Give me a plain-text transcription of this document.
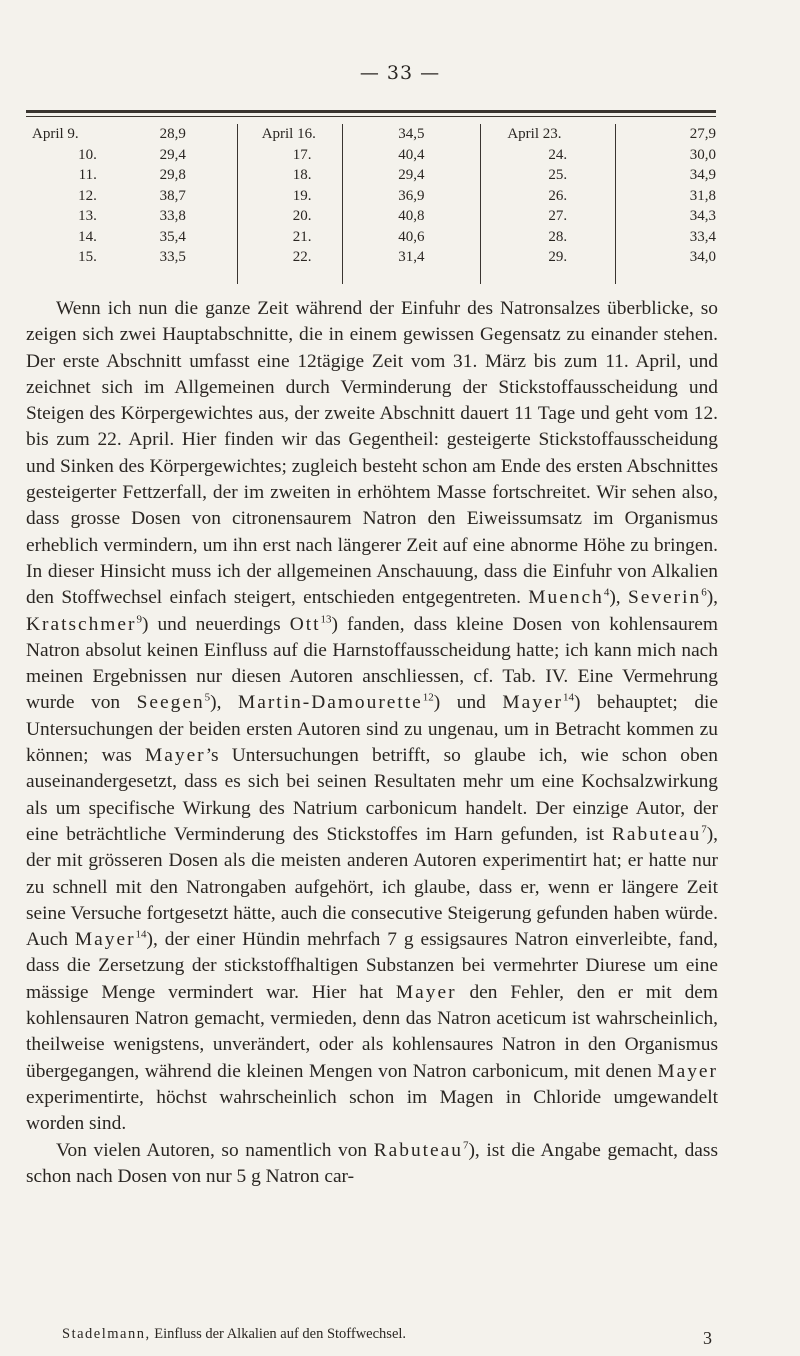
— 33 —
April 9.
10.
11.
12.
13.
14.
15.
28,9
29,4
29,8
38,7
33,8
35,4
33,5
April 16.
17.
18.
19.
20.
21.
22.
34,5
40,4
29,4
36,9
40,8
40,6
31,4
April 23.
24.
25.
26.
27.
28.
29.
27,9
30,0
34,9
31,8
34,3
33,4
34,0

Wenn ich nun die ganze Zeit während der Einfuhr des Natronsalzes überblicke, so zeigen sich zwei Hauptabschnitte, die in einem gewissen Gegensatz zu einander stehen. Der erste Abschnitt umfasst eine 12tägige Zeit vom 31. März bis zum 11. April, und zeichnet sich im Allgemeinen durch Verminderung der Stickstoffausscheidung und Steigen des Körpergewichtes aus, der zweite Abschnitt dauert 11 Tage und geht vom 12. bis zum 22. April. Hier finden wir das Gegentheil: gesteigerte Stickstoffausscheidung und Sinken des Körpergewichtes; zugleich besteht schon am Ende des ersten Abschnittes gesteigerter Fettzerfall, der im zweiten in erhöhtem Masse fortschreitet. Wir sehen also, dass grosse Dosen von citronensaurem Natron den Eiweissumsatz im Organismus erheblich vermindern, um ihn erst nach längerer Zeit auf eine abnorme Höhe zu bringen. In dieser Hinsicht muss ich der allgemeinen Anschauung, dass die Einfuhr von Alkalien den Stoffwechsel einfach steigert, entschieden entgegentreten. Muench$^4$), Severin$^6$), Kratschmer$^9$) und neuerdings Ott$^{13}$) fanden, dass kleine Dosen von kohlensaurem Natron absolut keinen Einfluss auf die Harnstoffausscheidung hatte; ich kann mich nach meinen Ergebnissen nur diesen Autoren anschliessen, cf. Tab. IV. Eine Vermehrung wurde von Seegen$^5$), Martin-Damourette$^{12}$) und Mayer$^{14}$) behauptet; die Untersuchungen der beiden ersten Autoren sind zu ungenau, um in Betracht kommen zu können; was Mayer’s Untersuchungen betrifft, so glaube ich, wie schon oben auseinandergesetzt, dass es sich bei seinen Resultaten mehr um eine Kochsalzwirkung als um specifische Wirkung des Natrium carbonicum handelt. Der einzige Autor, der eine beträchtliche Verminderung des Stickstoffes im Harn gefunden, ist Rabuteau$^7$), der mit grösseren Dosen als die meisten anderen Autoren experimentirt hat; er hatte nur zu schnell mit den Natrongaben aufgehört, ich glaube, dass er, wenn er längere Zeit seine Versuche fortgesetzt hätte, auch die consecutive Steigerung gefunden haben würde. Auch Mayer$^{14}$), der einer Hündin mehrfach 7 g essigsaures Natron einverleibte, fand, dass die Zersetzung der stickstoffhaltigen Substanzen bei vermehrter Diurese um eine mässige Menge vermindert war. Hier hat Mayer den Fehler, den er mit dem kohlensauren Natron gemacht, vermieden, denn das Natron aceticum ist wahrscheinlich, theilweise wenigstens, unverändert, oder als kohlensaures Natron in den Organismus übergegangen, während die kleinen Mengen von Natron carbonicum, mit denen Mayer experimentirte, höchst wahrscheinlich schon im Magen in Chloride umgewandelt worden sind.

Von vielen Autoren, so namentlich von Rabuteau$^7$), ist die Angabe gemacht, dass schon nach Dosen von nur 5 g Natron car-

Stadelmann, Einfluss der Alkalien auf den Stoffwechsel.	3
